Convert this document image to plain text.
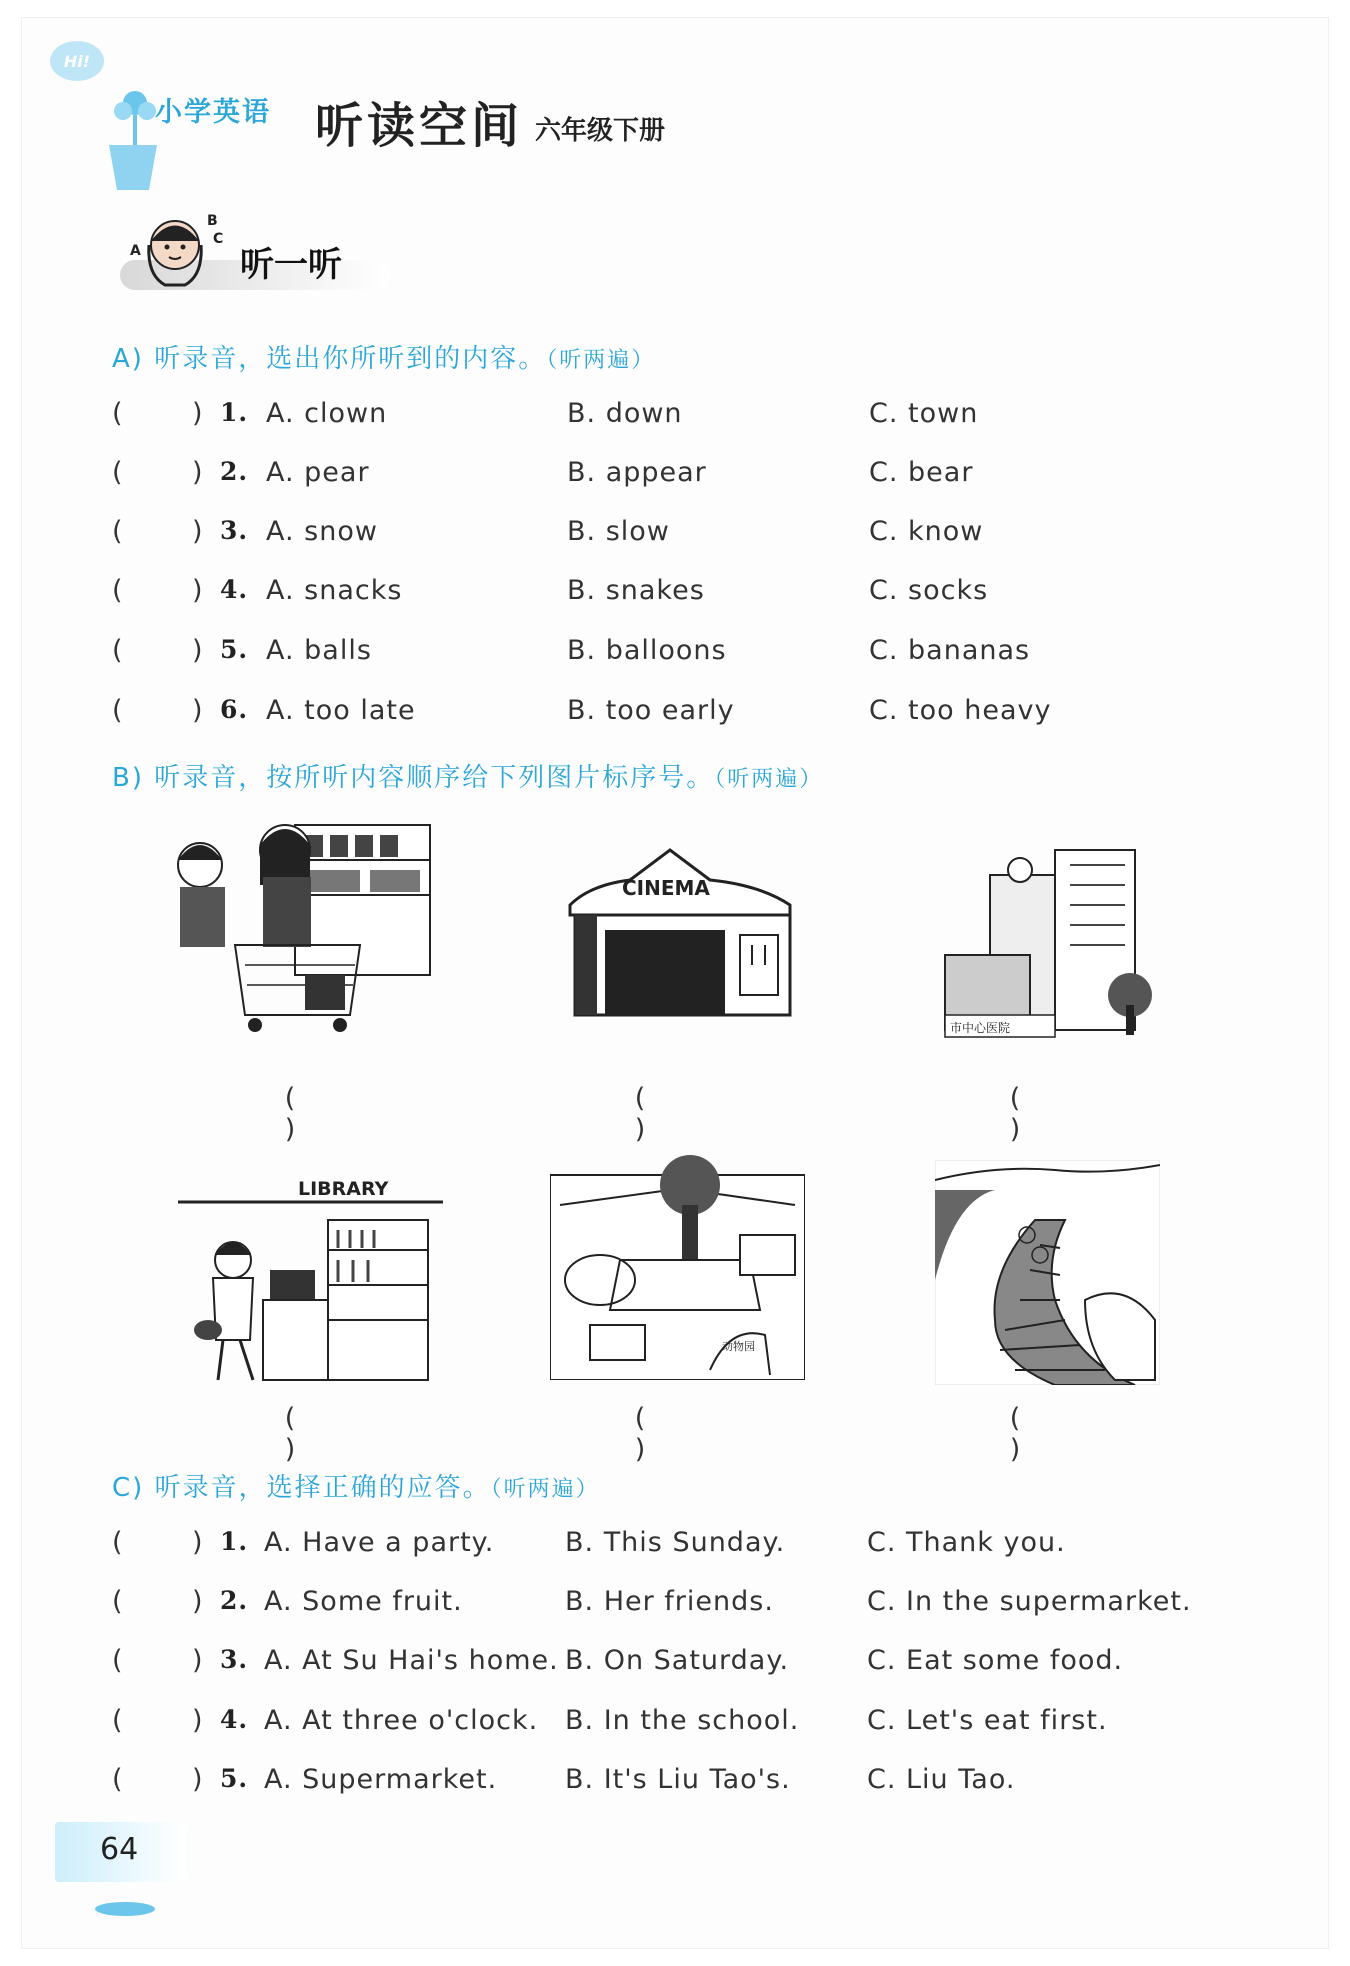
Hi!
小学英语 听读空间 六年级下册
B
C
A	听一听
A) 听录音，选出你所听到的内容。（听两遍）
(	) 1. A. clown	B. down	C. town
(	) 2. A. pear	B. appear	C. bear
(	) 3. A. snow	B. slow	C. know
(	) 4. A. snacks	B. snakes	C. socks
(	) 5. A. balls	B. balloons	C. bananas
(	) 6. A. too late	B. too early	C. too heavy
B) 听录音，按所听内容顺序给下列图片标序号。（听两遍）
( )
CINEMA
( )
市中心医院
( )
LIBRARY
( )
动物园
( )
( )
C) 听录音，选择正确的应答。（听两遍）
(	) 1. A. Have a party.	B. This Sunday.	C. Thank you.
(	) 2. A. Some fruit.	B. Her friends.	C. In the supermarket.
(	) 3. A. At Su Hai's home. B. On Saturday.	C. Eat some food.
(	) 4. A. At three o'clock. B. In the school.	C. Let's eat first.
(	) 5. A. Supermarket.	B. It's Liu Tao's.	C. Liu Tao.
64
